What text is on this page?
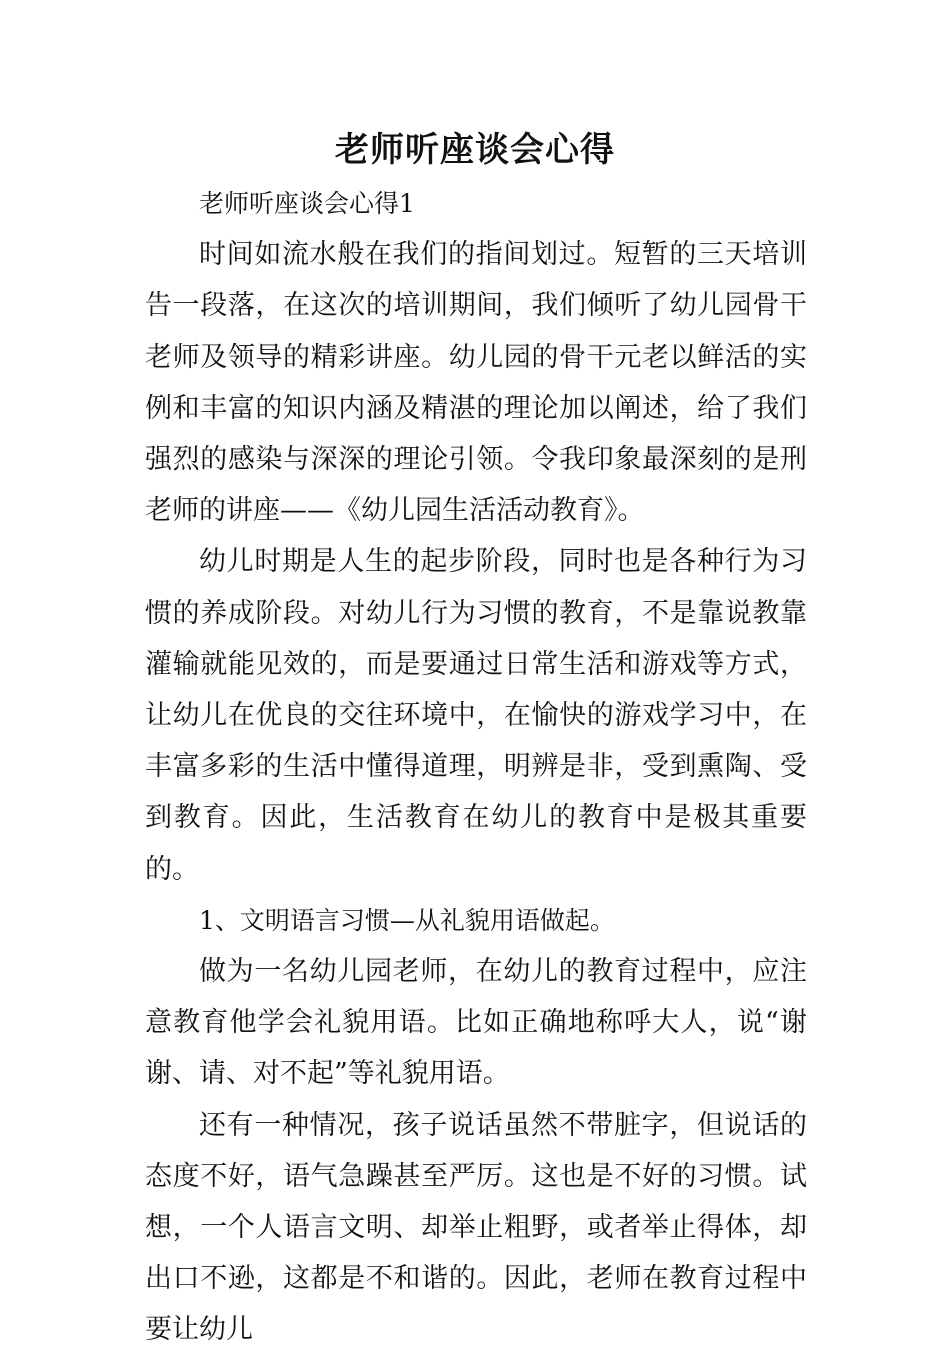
老师听座谈会心得

老师听座谈会心得1

时间如流水般在我们的指间划过。短暂的三天培训告一段落，在这次的培训期间，我们倾听了幼儿园骨干老师及领导的精彩讲座。幼儿园的骨干元老以鲜活的实例和丰富的知识内涵及精湛的理论加以阐述，给了我们强烈的感染与深深的理论引领。令我印象最深刻的是刑老师的讲座——《幼儿园生活活动教育》。

幼儿时期是人生的起步阶段，同时也是各种行为习惯的养成阶段。对幼儿行为习惯的教育，不是靠说教靠灌输就能见效的，而是要通过日常生活和游戏等方式，让幼儿在优良的交往环境中，在愉快的游戏学习中，在丰富多彩的生活中懂得道理，明辨是非，受到熏陶、受到教育。因此，生活教育在幼儿的教育中是极其重要的。

1、文明语言习惯—从礼貌用语做起。

做为一名幼儿园老师，在幼儿的教育过程中，应注意教育他学会礼貌用语。比如正确地称呼大人，说“谢谢、请、对不起”等礼貌用语。

还有一种情况，孩子说话虽然不带脏字，但说话的态度不好，语气急躁甚至严厉。这也是不好的习惯。试想，一个人语言文明、却举止粗野，或者举止得体，却出口不逊，这都是不和谐的。因此，老师在教育过程中要让幼儿
